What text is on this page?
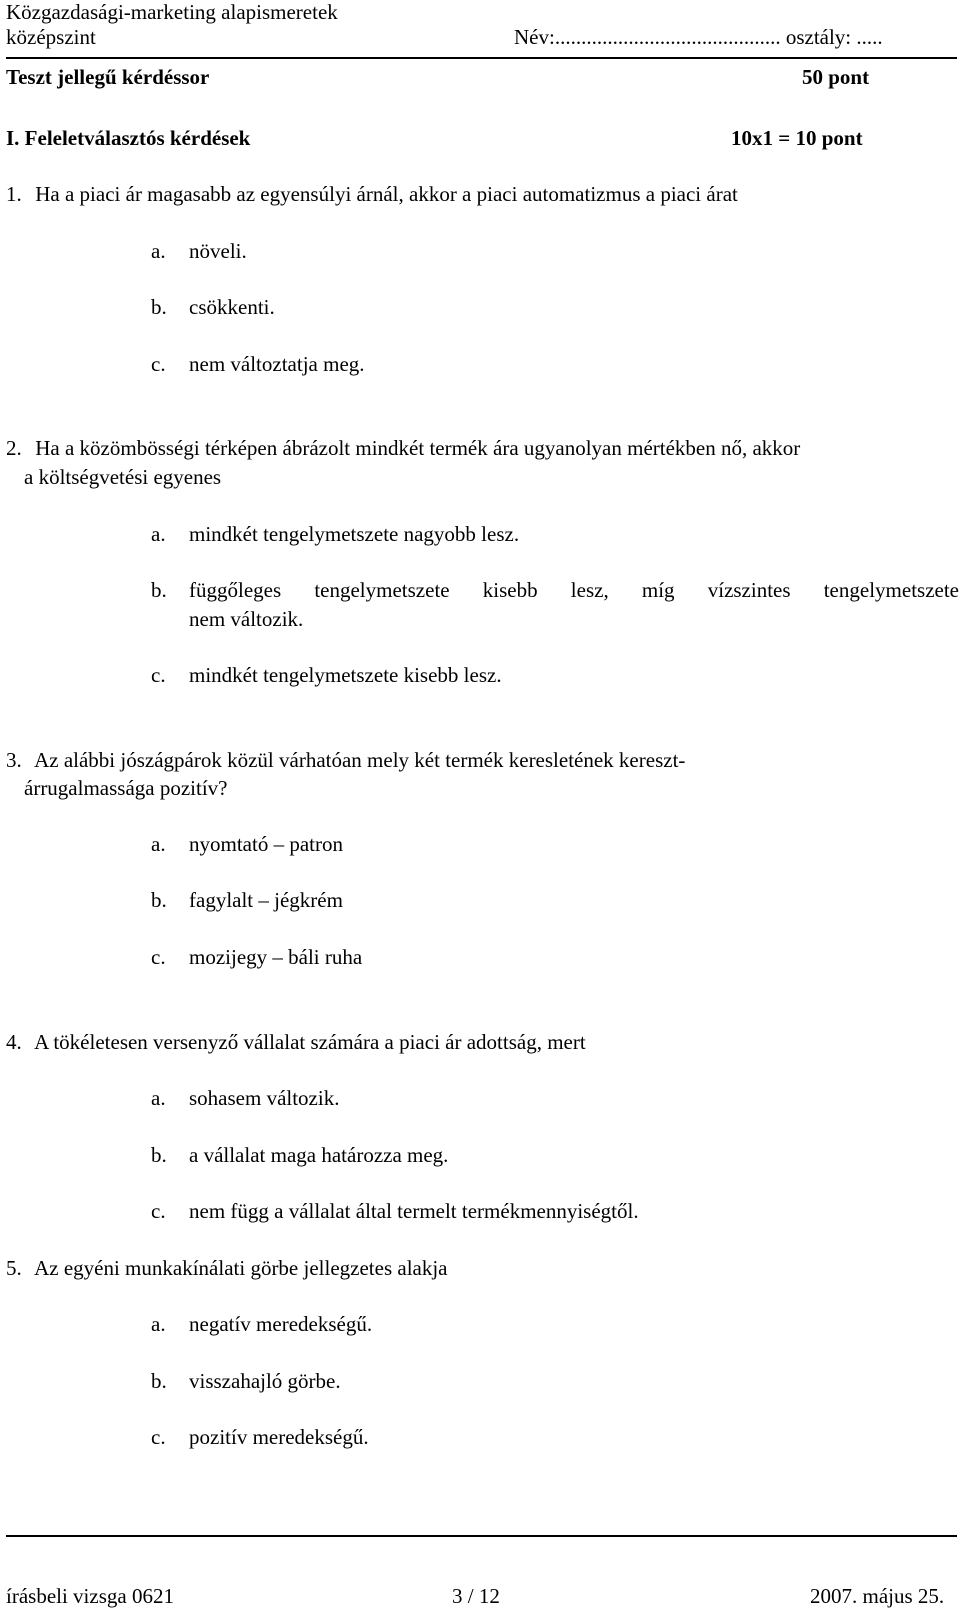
Közgazdasági-marketing alapismeretek
középszint	Név:........................................... osztály: .....
Teszt jellegű kérdéssor	50 pont
I. Feleletválasztós kérdések	10x1 = 10 pont
1. Ha a piaci ár magasabb az egyensúlyi árnál, akkor a piaci automatizmus a piaci árat
a.	növeli.
b.	csökkenti.
c.	nem változtatja meg.
2. Ha a közömbösségi térképen ábrázolt mindkét termék ára ugyanolyan mértékben nő, akkor
a költségvetési egyenes
a.	mindkét tengelymetszete nagyobb lesz.
b.	függőleges tengelymetszete kisebb lesz, míg vízszintes tengelymetszete
nem változik.
c.	mindkét tengelymetszete kisebb lesz.
3. Az alábbi jószágpárok közül várhatóan mely két termék keresletének kereszt-
árrugalmassága pozitív?
a.	nyomtató – patron
b.	fagylalt – jégkrém
c.	mozijegy – báli ruha
4. A tökéletesen versenyző vállalat számára a piaci ár adottság, mert
a.	sohasem változik.
b.	a vállalat maga határozza meg.
c.	nem függ a vállalat által termelt termékmennyiségtől.
5. Az egyéni munkakínálati görbe jellegzetes alakja
a.	negatív meredekségű.
b.	visszahajló görbe.
c.	pozitív meredekségű.
írásbeli vizsga 0621	3 / 12	2007. május 25.
